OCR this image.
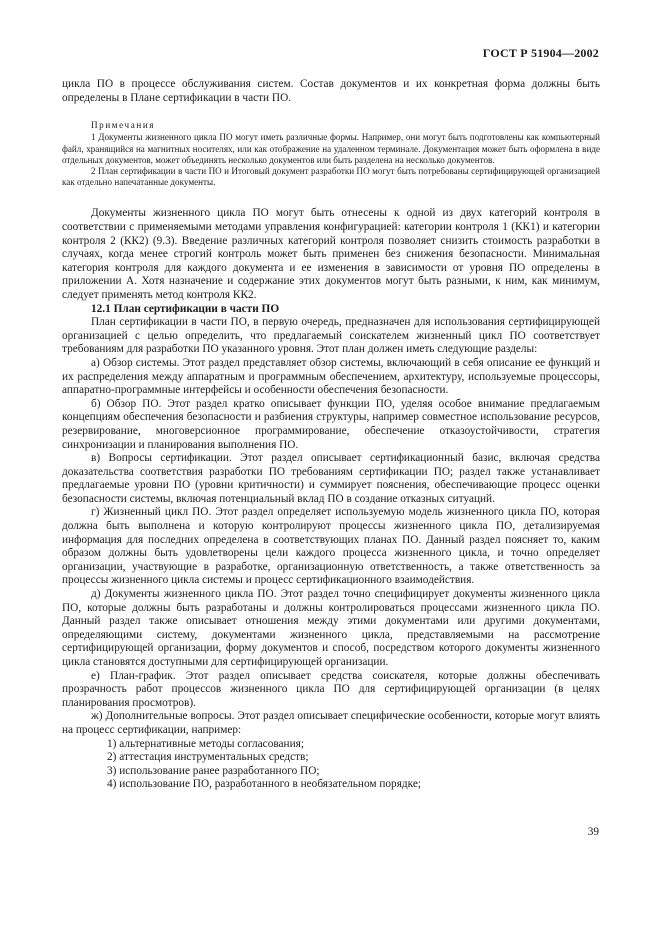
ГОСТ Р 51904—2002

цикла ПО в процессе обслуживания систем. Состав документов и их конкретная форма должны быть определены в Плане сертификации в части ПО.

Примечания

1 Документы жизненного цикла ПО могут иметь различные формы. Например, они могут быть подготовлены как компьютерный файл, хранящийся на магнитных носителях, или как отображение на удаленном терминале. Документация может быть оформлена в виде отдельных документов, может объединять несколько документов или быть разделена на несколько документов.

2 План сертификации в части ПО и Итоговый документ разработки ПО могут быть потребованы сертифицирующей организацией как отдельно напечатанные документы.

Документы жизненного цикла ПО могут быть отнесены к одной из двух категорий контроля в соответствии с применяемыми методами управления конфигурацией: категории контроля 1 (КК1) и категории контроля 2 (КК2) (9.3). Введение различных категорий контроля позволяет снизить стоимость разработки в случаях, когда менее строгий контроль может быть применен без снижения безопасности. Минимальная категория контроля для каждого документа и ее изменения в зависимости от уровня ПО определены в приложении А. Хотя назначение и содержание этих документов могут быть разными, к ним, как минимум, следует применять метод контроля КК2.

12.1 План сертификации в части ПО

План сертификации в части ПО, в первую очередь, предназначен для использования сертифицирующей организацией с целью определить, что предлагаемый соискателем жизненный цикл ПО соответствует требованиям для разработки ПО указанного уровня. Этот план должен иметь следующие разделы:

а) Обзор системы. Этот раздел представляет обзор системы, включающий в себя описание ее функций и их распределения между аппаратным и программным обеспечением, архитектуру, используемые процессоры, аппаратно-программные интерфейсы и особенности обеспечения безопасности.

б) Обзор ПО. Этот раздел кратко описывает функции ПО, уделяя особое внимание предлагаемым концепциям обеспечения безопасности и разбиения структуры, например совместное использование ресурсов, резервирование, многоверсионное программирование, обеспечение отказоустойчивости, стратегия синхронизации и планирования выполнения ПО.

в) Вопросы сертификации. Этот раздел описывает сертификационный базис, включая средства доказательства соответствия разработки ПО требованиям сертификации ПО; раздел также устанавливает предлагаемые уровни ПО (уровни критичности) и суммирует пояснения, обеспечивающие процесс оценки безопасности системы, включая потенциальный вклад ПО в создание отказных ситуаций.

г) Жизненный цикл ПО. Этот раздел определяет используемую модель жизненного цикла ПО, которая должна быть выполнена и которую контролируют процессы жизненного цикла ПО, детализируемая информация для последних определена в соответствующих планах ПО. Данный раздел поясняет то, каким образом должны быть удовлетворены цели каждого процесса жизненного цикла, и точно определяет организации, участвующие в разработке, организационную ответственность, а также ответственность за процессы жизненного цикла системы и процесс сертификационного взаимодействия.

д) Документы жизненного цикла ПО. Этот раздел точно специфицирует документы жизненного цикла ПО, которые должны быть разработаны и должны контролироваться процессами жизненного цикла ПО. Данный раздел также описывает отношения между этими документами или другими документами, определяющими систему, документами жизненного цикла, представляемыми на рассмотрение сертифицирующей организации, форму документов и способ, посредством которого документы жизненного цикла становятся доступными для сертифицирующей организации.

е) План-график. Этот раздел описывает средства соискателя, которые должны обеспечивать прозрачность работ процессов жизненного цикла ПО для сертифицирующей организации (в целях планирования просмотров).

ж) Дополнительные вопросы. Этот раздел описывает специфические особенности, которые могут влиять на процесс сертификации, например:

1) альтернативные методы согласования;
2) аттестация инструментальных средств;
3) использование ранее разработанного ПО;
4) использование ПО, разработанного в необязательном порядке;
39
